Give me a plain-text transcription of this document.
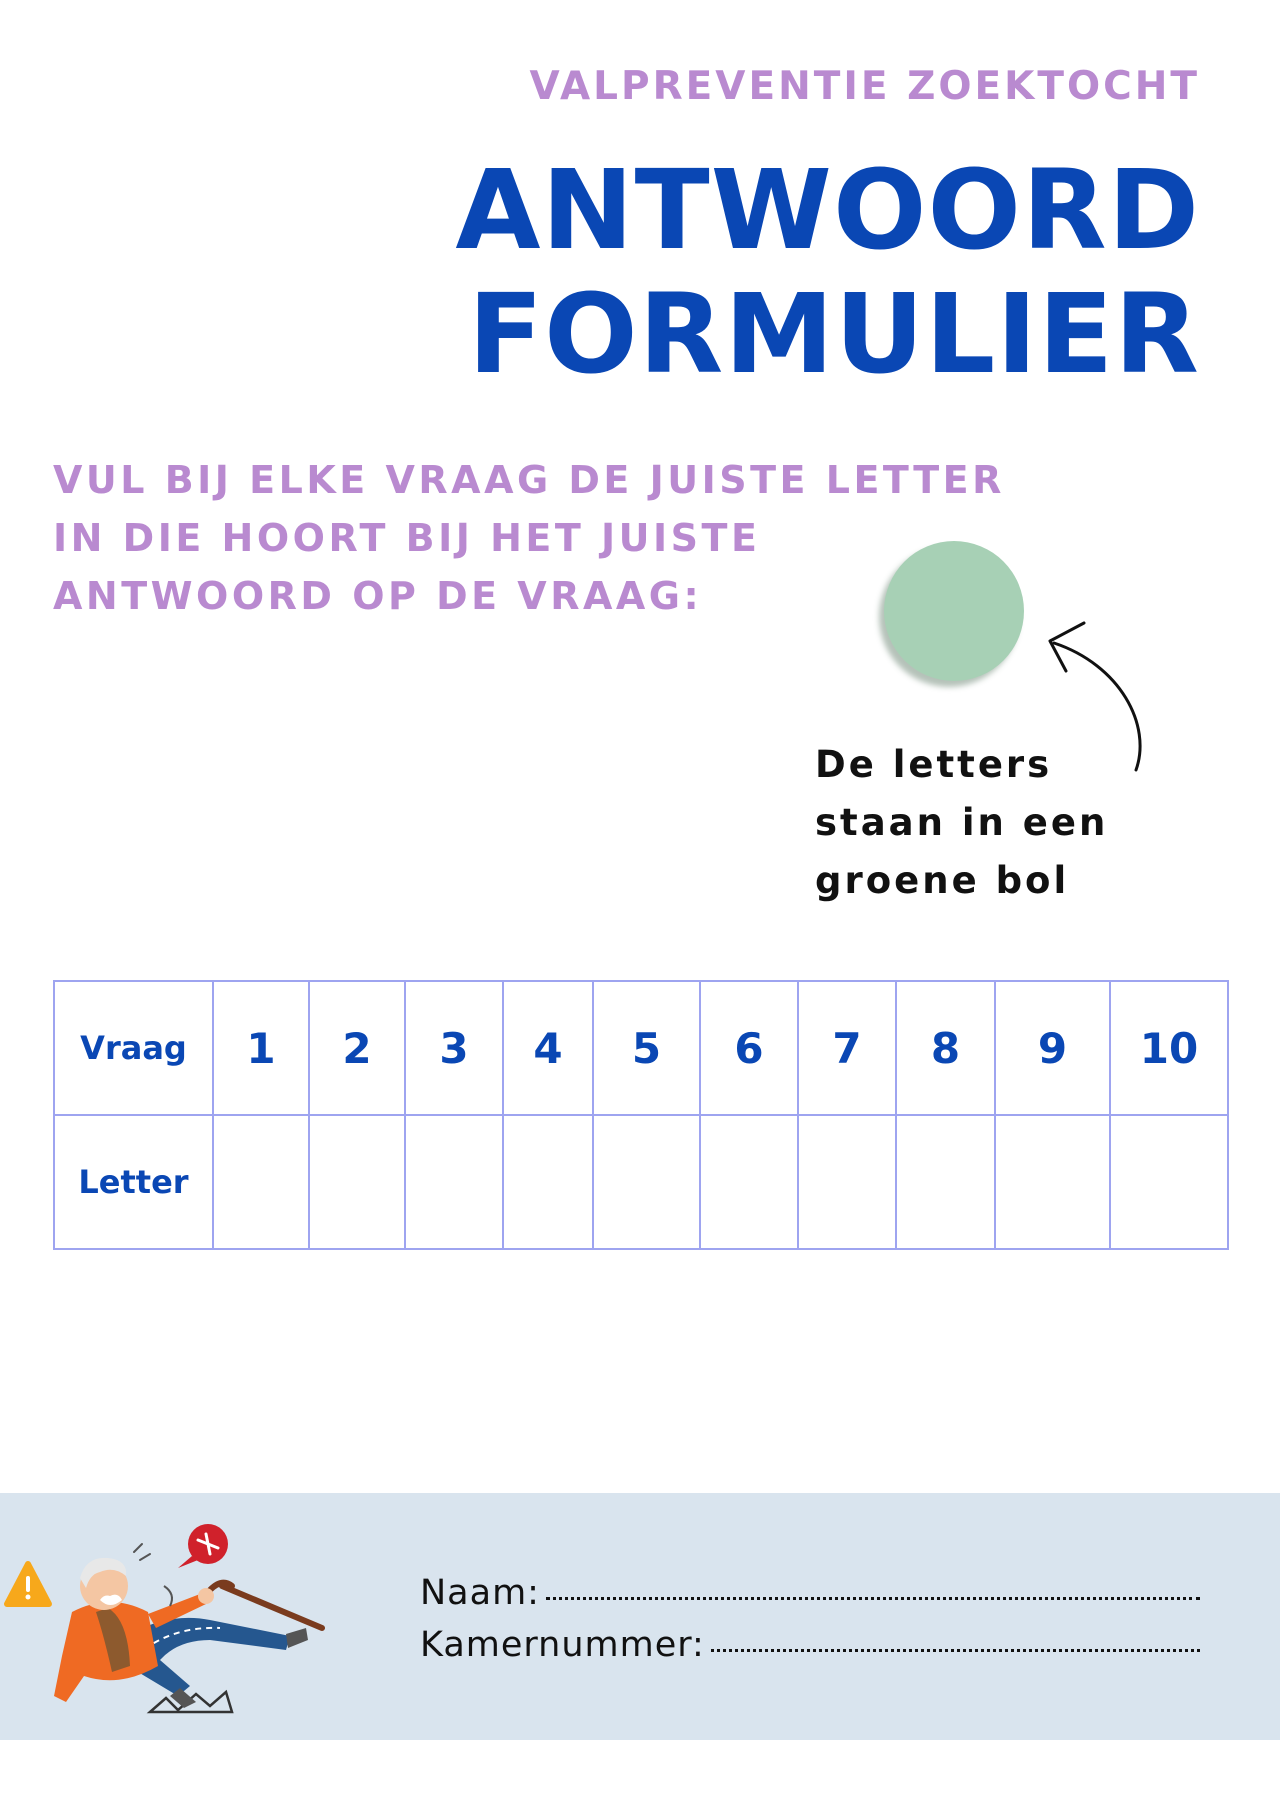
VALPREVENTIE ZOEKTOCHT
ANTWOORD
FORMULIER
VUL BIJ ELKE VRAAG DE JUISTE LETTER
IN DIE HOORT BIJ HET JUISTE
ANTWOORD OP DE VRAAG:
De letters
staan in een
groene bol
Vraag	1	2	3	4	5	6	7	8	9	10
Letter										
Naam:
Kamernummer:
